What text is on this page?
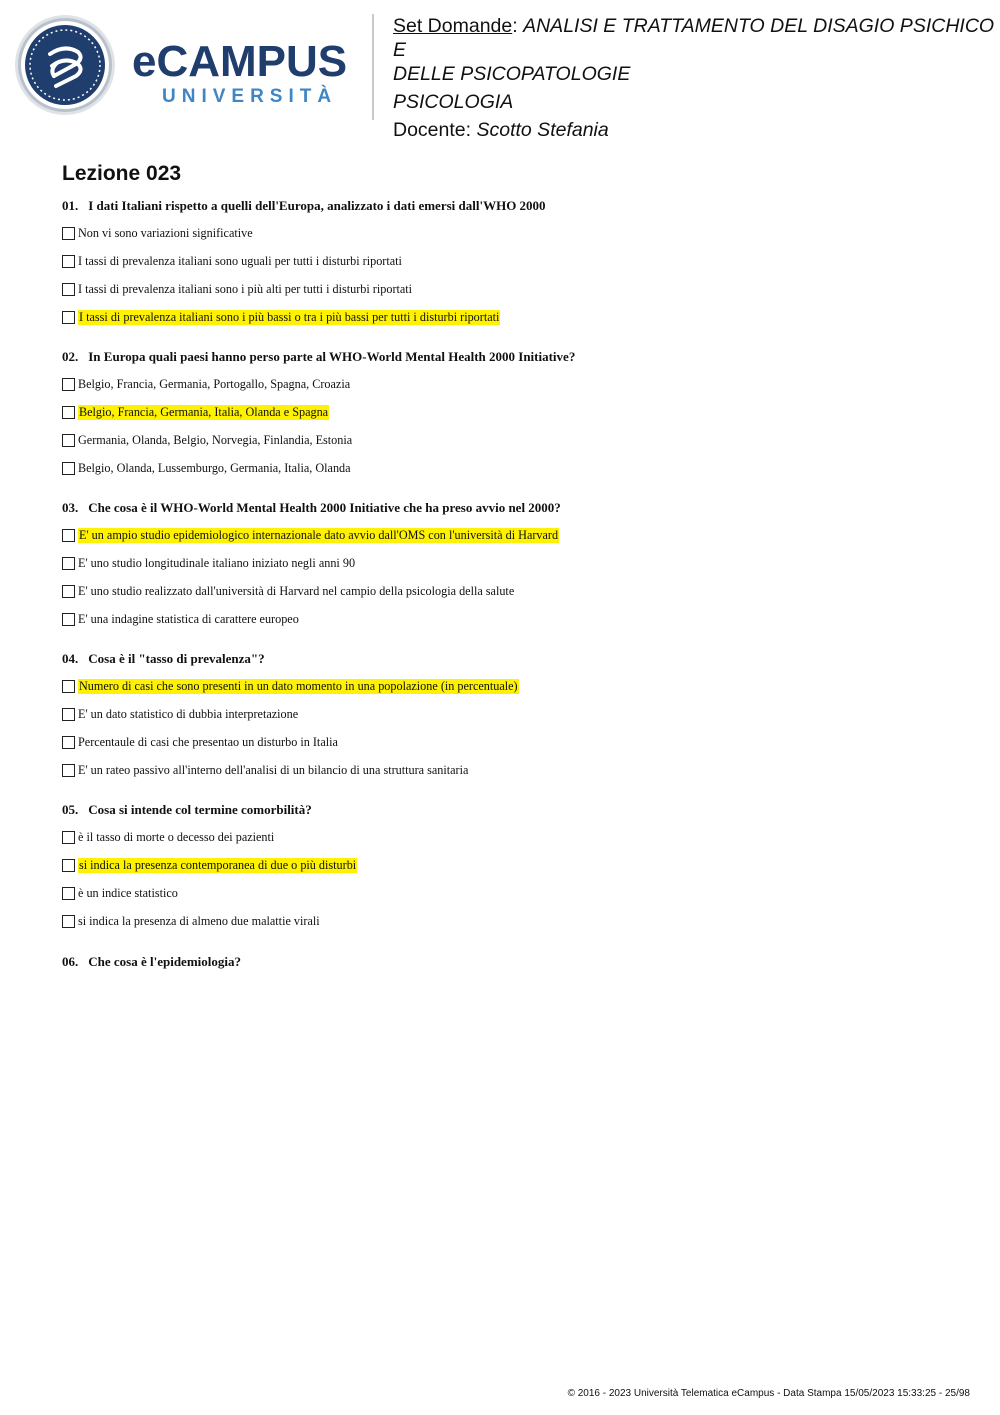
eCAMPUS
UNIVERSITÀ
Set Domande: ANALISI E TRATTAMENTO DEL DISAGIO PSICHICO E
DELLE PSICOPATOLOGIE
PSICOLOGIA
Docente: Scotto Stefania
Lezione 023
01. I dati Italiani rispetto a quelli dell'Europa, analizzato i dati emersi dall'WHO 2000
Non vi sono variazioni significative
I tassi di prevalenza italiani sono uguali per tutti i disturbi riportati
I tassi di prevalenza italiani sono i più alti per tutti i disturbi riportati
I tassi di prevalenza italiani sono i più bassi o tra i più bassi per tutti i disturbi riportati
02. In Europa quali paesi hanno perso parte al WHO-World Mental Health 2000 Initiative?
Belgio, Francia, Germania, Portogallo, Spagna, Croazia
Belgio, Francia, Germania, Italia, Olanda e Spagna
Germania, Olanda, Belgio, Norvegia, Finlandia, Estonia
Belgio, Olanda, Lussemburgo, Germania, Italia, Olanda
03. Che cosa è il WHO-World Mental Health 2000 Initiative che ha preso avvio nel 2000?
E' un ampio studio epidemiologico internazionale dato avvio dall'OMS con l'università di Harvard
E' uno studio longitudinale italiano iniziato negli anni 90
E' uno studio realizzato dall'università di Harvard nel campio della psicologia della salute
E' una indagine statistica di carattere europeo
04. Cosa è il "tasso di prevalenza"?
Numero di casi che sono presenti in un dato momento in una popolazione (in percentuale)
E' un dato statistico di dubbia interpretazione
Percentaule di casi che presentao un disturbo in Italia
E' un rateo passivo all'interno dell'analisi di un bilancio di una struttura sanitaria
05. Cosa si intende col termine comorbilità?
è il tasso di morte o decesso dei pazienti
si indica la presenza contemporanea di due o più disturbi
è un indice statistico
si indica la presenza di almeno due malattie virali
06. Che cosa è l'epidemiologia?
© 2016 - 2023 Università Telematica eCampus - Data Stampa 15/05/2023 15:33:25 - 25/98
